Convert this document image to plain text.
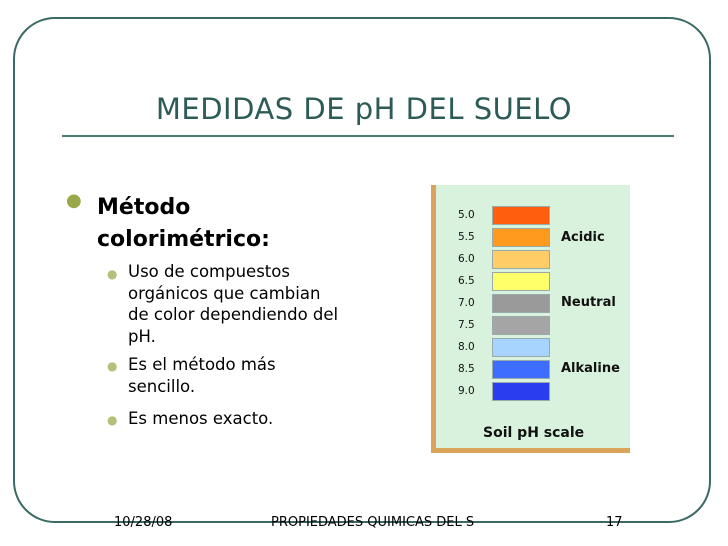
MEDIDAS DE pH DEL SUELO
● Método colorimétrico:
● Uso de compuestos orgánicos que cambian de color dependiendo del pH.
● Es el método más sencillo.
● Es menos exacto.
5.0
5.5
6.0
6.5
7.0
7.5
8.0
8.5
9.0
Acidic
Neutral
Alkaline
Soil pH scale
10/28/08	PROPIEDADES QUIMICAS DEL S	17
